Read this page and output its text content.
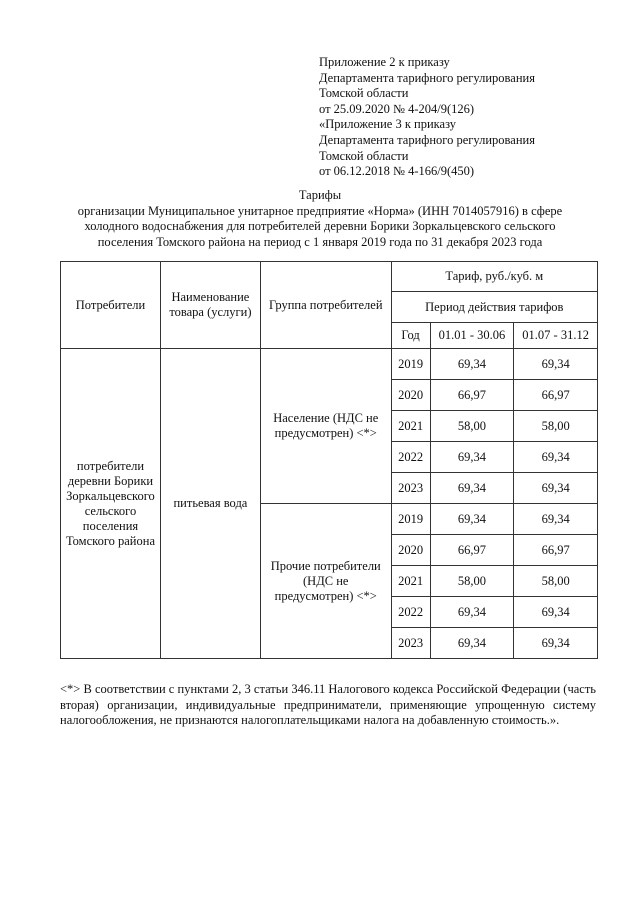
Приложение 2 к приказу
Департамента тарифного регулирования
Томской области
от 25.09.2020 № 4-204/9(126)
«Приложение 3 к приказу
Департамента тарифного регулирования
Томской области
от 06.12.2018 № 4-166/9(450)
Тарифы
организации Муниципальное унитарное предприятие «Норма» (ИНН 7014057916) в сфере
холодного водоснабжения для потребителей деревни Борики Зоркальцевского сельского
поселения Томского района на период с 1 января 2019 года по 31 декабря 2023 года
Потребители	Наименование товара (услуги)	Группа потребителей	Тариф, руб./куб. м		
			Период действия тарифов		
			Год	01.01 - 30.06	01.07 - 31.12
потребители деревни Борики Зоркальцевского сельского поселения Томского района	питьевая вода	Население (НДС не предусмотрен) <*>	2019	69,34	69,34
			2020	66,97	66,97
			2021	58,00	58,00
			2022	69,34	69,34
			2023	69,34	69,34
		Прочие потребители (НДС не предусмотрен) <*>	2019	69,34	69,34
			2020	66,97	66,97
			2021	58,00	58,00
			2022	69,34	69,34
			2023	69,34	69,34
<*> В соответствии с пунктами 2, 3 статьи 346.11 Налогового кодекса Российской Федерации (часть вторая) организации, индивидуальные предприниматели, применяющие упрощенную систему налогообложения, не признаются налогоплательщиками налога на добавленную стоимость.».
